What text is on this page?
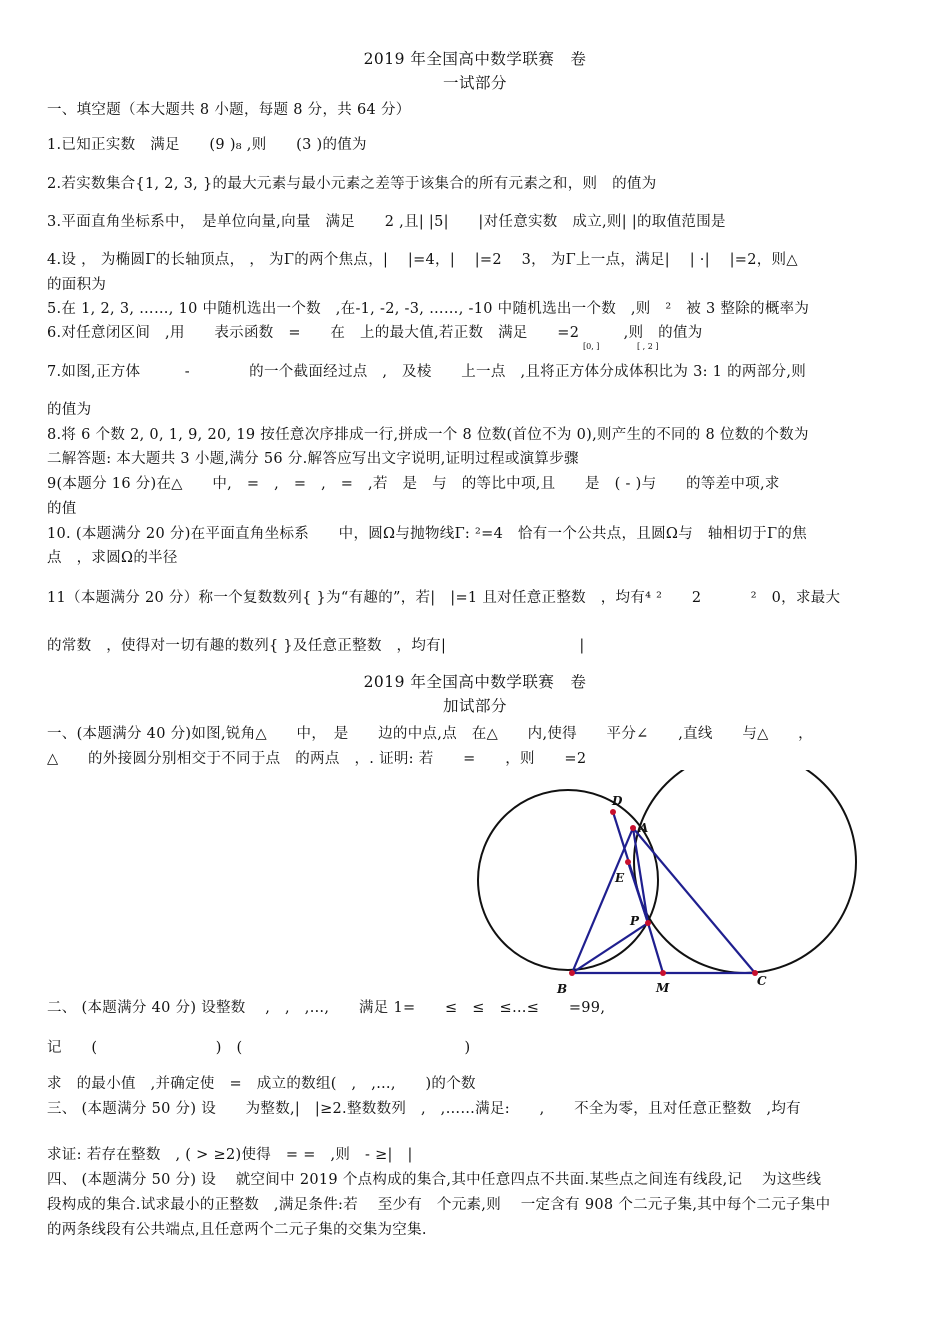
2019 年全国高中数学联赛　卷
一试部分
一、填空题（本大题共 8 小题，每题 8 分，共 64 分）
1.已知正实数　满足　　(9 )₈ ,则　　(3 )的值为
2.若实数集合{1, 2, 3, }的最大元素与最小元素之差等于该集合的所有元素之和，则　的值为
3.平面直角坐标系中，　是单位向量,向量　满足　　2 ,且| |5|　　|对任意实数　成立,则| |的取值范围是
4.设 ， 为椭圆Γ的长轴顶点， ， 为Γ的两个焦点，|　 |=4，|　 |=2　 3， 为Γ上一点，满足|　 | ·|　 |=2，则△
的面积为
5.在 1, 2, 3, ……, 10 中随机选出一个数　,在-1, -2, -3, ……, -10 中随机选出一个数　,则　²　被 3 整除的概率为
6.对任意闭区间　,用　　表示函数　=　　在　上的最大值,若正数　满足　　=2　　　,则　的值为
[0, ]	[ , 2 ]
7.如图,正方体　　　-　　　　的一个截面经过点　,　及棱　　上一点　,且将正方体分成体积比为 3: 1 的两部分,则
的值为
8.将 6 个数 2, 0, 1, 9, 20, 19 按任意次序排成一行,拼成一个 8 位数(首位不为 0),则产生的不同的 8 位数的个数为
二解答题: 本大题共 3 小题,满分 56 分.解答应写出文字说明,证明过程或演算步骤
9(本题分 16 分)在△　　中,　=　,　=　,　=　,若　是　与　的等比中项,且　　是　( - )与　　的等差中项,求
的值
10. (本题满分 20 分)在平面直角坐标系　　中，圆Ω与抛物线Γ: ²=4　恰有一个公共点，且圆Ω与　轴相切于Γ的焦
点　，求圆Ω的半径
11（本题满分 20 分）称一个复数数列{ }为“有趣的”，若|　|=1 且对任意正整数　，均有⁴ ²　　2　　　 ²　0，求最大
的常数　，使得对一切有趣的数列{ }及任意正整数　，均有|　　　　　　　　　|
2019 年全国高中数学联赛　卷
加试部分
一、(本题满分 40 分)如图,锐角△　　中，　是　　边的中点,点　在△　　内,使得　　平分∠　　,直线　　与△　　，
△　　的外接圆分别相交于不同于点　的两点　，. 证明: 若　　=　　，则　　=2
D
A
E
P
B	M	C
二、 (本题满分 40 分) 设整数　 ,　,　,…,　　满足 1=　　≤　≤　≤…≤　　=99,
记　　(　　　　　　　　)　(　　　　　　　　　　　　　　　)
求　的最小值　,并确定使　=　成立的数组(　,　,…,　　)的个数
三、 (本题满分 50 分) 设　　为整数,|　|≥2.整数数列　,　,……满足:　　,　　不全为零，且对任意正整数　,均有
求证: 若存在整数　, ( > ≥2)使得　= =　,则　- ≥|　|
四、 (本题满分 50 分) 设　 就空间中 2019 个点构成的集合,其中任意四点不共面.某些点之间连有线段,记　 为这些线
段构成的集合.试求最小的正整数　,满足条件:若　 至少有　个元素,则　 一定含有 908 个二元子集,其中每个二元子集中
的两条线段有公共端点,且任意两个二元子集的交集为空集.
